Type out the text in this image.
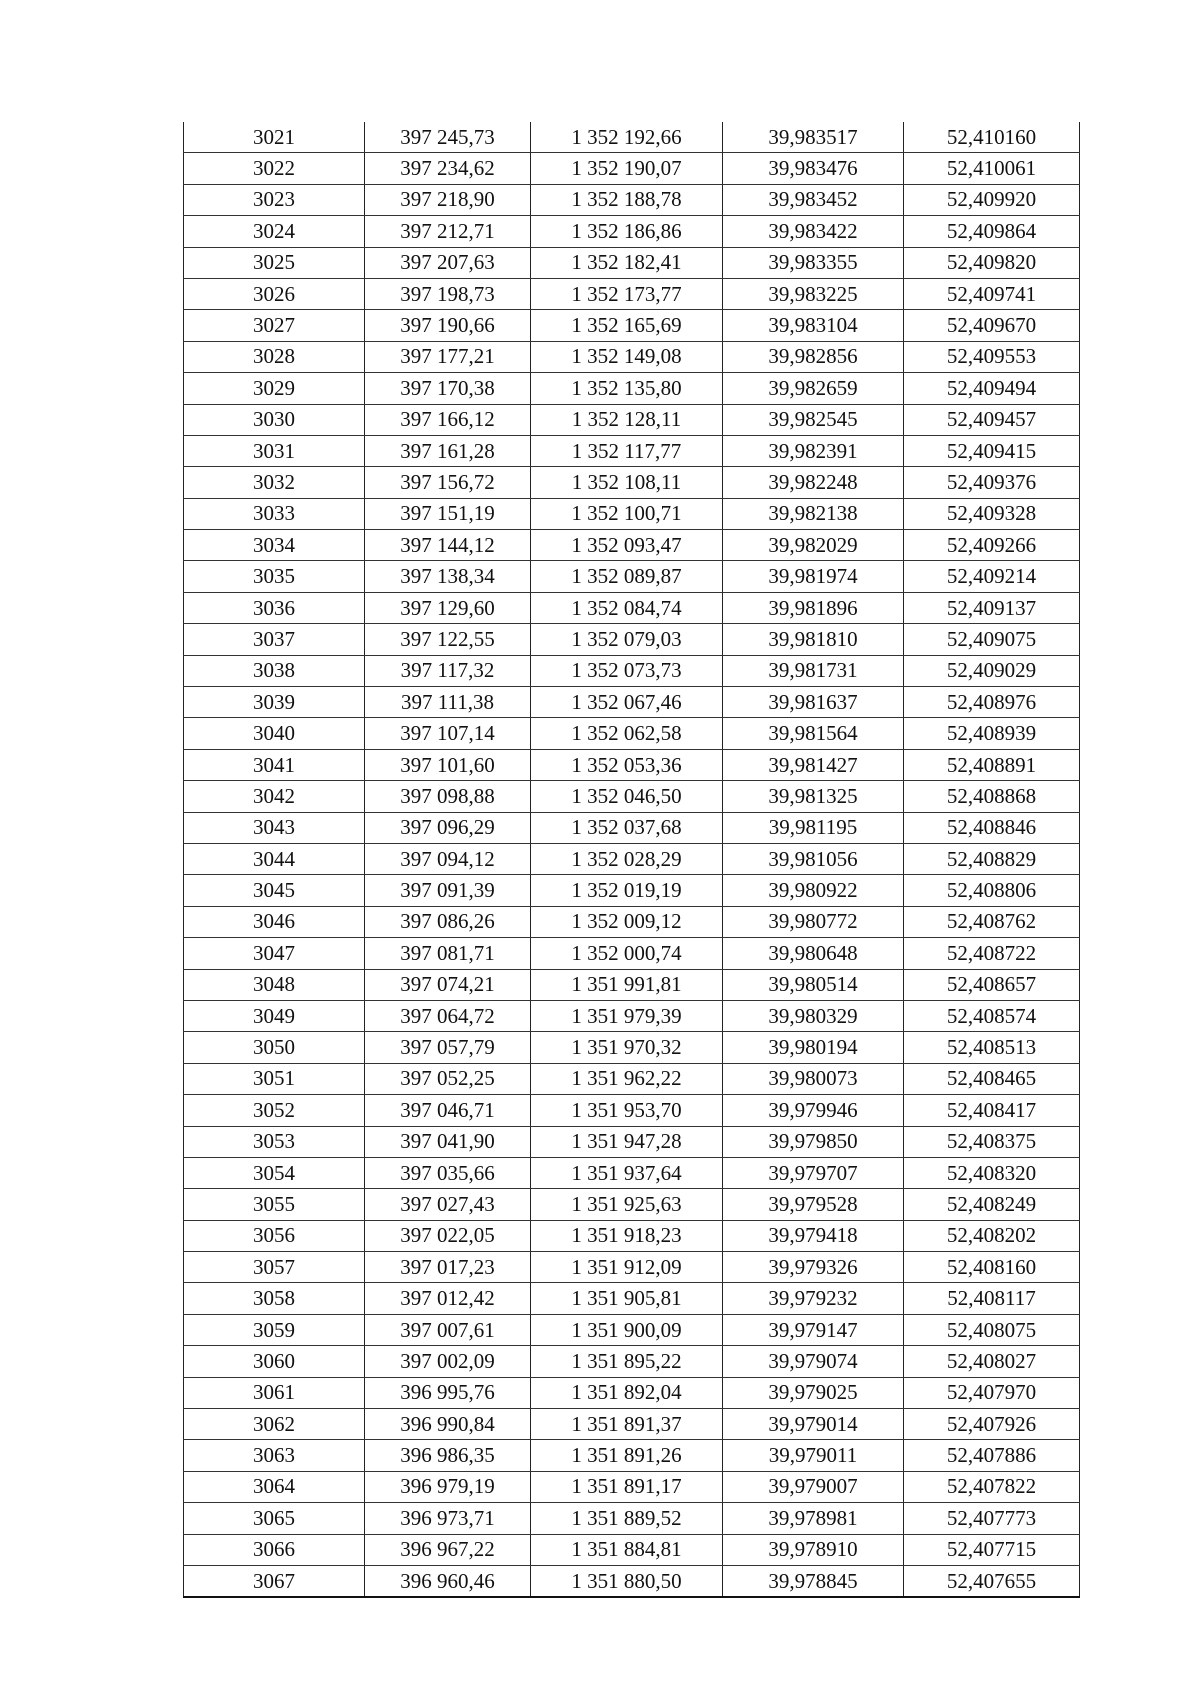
3021	397 245,73	1 352 192,66	39,983517	52,410160
3022	397 234,62	1 352 190,07	39,983476	52,410061
3023	397 218,90	1 352 188,78	39,983452	52,409920
3024	397 212,71	1 352 186,86	39,983422	52,409864
3025	397 207,63	1 352 182,41	39,983355	52,409820
3026	397 198,73	1 352 173,77	39,983225	52,409741
3027	397 190,66	1 352 165,69	39,983104	52,409670
3028	397 177,21	1 352 149,08	39,982856	52,409553
3029	397 170,38	1 352 135,80	39,982659	52,409494
3030	397 166,12	1 352 128,11	39,982545	52,409457
3031	397 161,28	1 352 117,77	39,982391	52,409415
3032	397 156,72	1 352 108,11	39,982248	52,409376
3033	397 151,19	1 352 100,71	39,982138	52,409328
3034	397 144,12	1 352 093,47	39,982029	52,409266
3035	397 138,34	1 352 089,87	39,981974	52,409214
3036	397 129,60	1 352 084,74	39,981896	52,409137
3037	397 122,55	1 352 079,03	39,981810	52,409075
3038	397 117,32	1 352 073,73	39,981731	52,409029
3039	397 111,38	1 352 067,46	39,981637	52,408976
3040	397 107,14	1 352 062,58	39,981564	52,408939
3041	397 101,60	1 352 053,36	39,981427	52,408891
3042	397 098,88	1 352 046,50	39,981325	52,408868
3043	397 096,29	1 352 037,68	39,981195	52,408846
3044	397 094,12	1 352 028,29	39,981056	52,408829
3045	397 091,39	1 352 019,19	39,980922	52,408806
3046	397 086,26	1 352 009,12	39,980772	52,408762
3047	397 081,71	1 352 000,74	39,980648	52,408722
3048	397 074,21	1 351 991,81	39,980514	52,408657
3049	397 064,72	1 351 979,39	39,980329	52,408574
3050	397 057,79	1 351 970,32	39,980194	52,408513
3051	397 052,25	1 351 962,22	39,980073	52,408465
3052	397 046,71	1 351 953,70	39,979946	52,408417
3053	397 041,90	1 351 947,28	39,979850	52,408375
3054	397 035,66	1 351 937,64	39,979707	52,408320
3055	397 027,43	1 351 925,63	39,979528	52,408249
3056	397 022,05	1 351 918,23	39,979418	52,408202
3057	397 017,23	1 351 912,09	39,979326	52,408160
3058	397 012,42	1 351 905,81	39,979232	52,408117
3059	397 007,61	1 351 900,09	39,979147	52,408075
3060	397 002,09	1 351 895,22	39,979074	52,408027
3061	396 995,76	1 351 892,04	39,979025	52,407970
3062	396 990,84	1 351 891,37	39,979014	52,407926
3063	396 986,35	1 351 891,26	39,979011	52,407886
3064	396 979,19	1 351 891,17	39,979007	52,407822
3065	396 973,71	1 351 889,52	39,978981	52,407773
3066	396 967,22	1 351 884,81	39,978910	52,407715
3067	396 960,46	1 351 880,50	39,978845	52,407655
